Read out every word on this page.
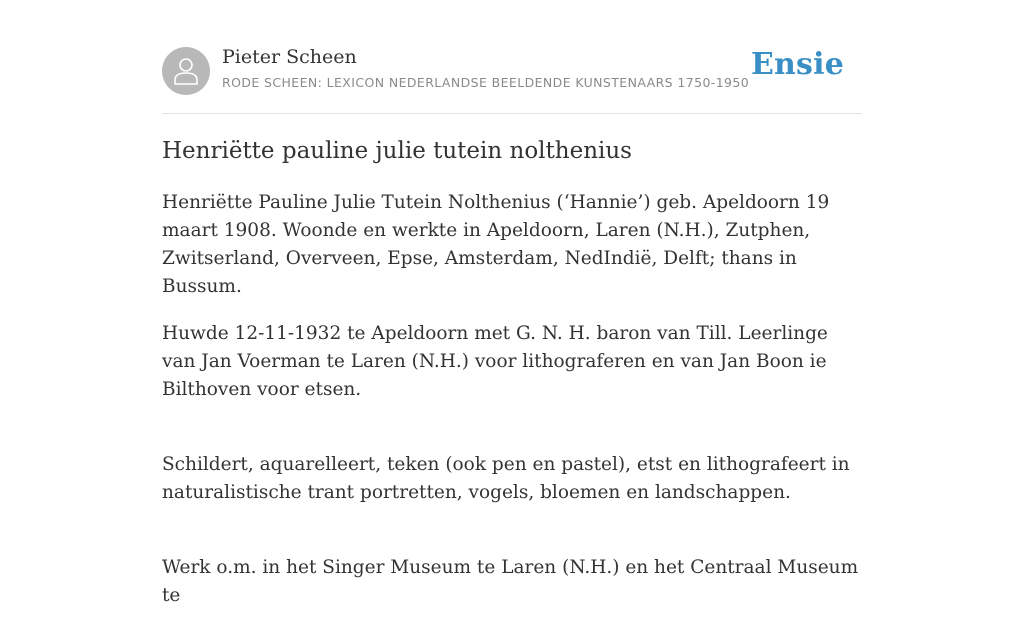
Pieter Scheen
RODE SCHEEN: LEXICON NEDERLANDSE BEELDENDE KUNSTENAARS 1750-1950
Ensie
Henriëtte pauline julie tutein nolthenius

Henriëtte Pauline Julie Tutein Nolthenius (‘Hannie’) geb. Apeldoorn 19 maart 1908. Woonde en werkte in Apeldoorn, Laren (N.H.), Zutphen, Zwitserland, Overveen, Epse, Amsterdam, NedIndië, Delft; thans in Bussum.

Huwde 12-11-1932 te Apeldoorn met G. N. H. baron van Till. Leerlinge van Jan Voerman te Laren (N.H.) voor lithograferen en van Jan Boon ie Bilthoven voor etsen.

Schildert, aquarelleert, teken (ook pen en pastel), etst en lithografeert in naturalistische trant portretten, vogels, bloemen en landschappen.

Werk o.m. in het Singer Museum te Laren (N.H.) en het Centraal Museum te
